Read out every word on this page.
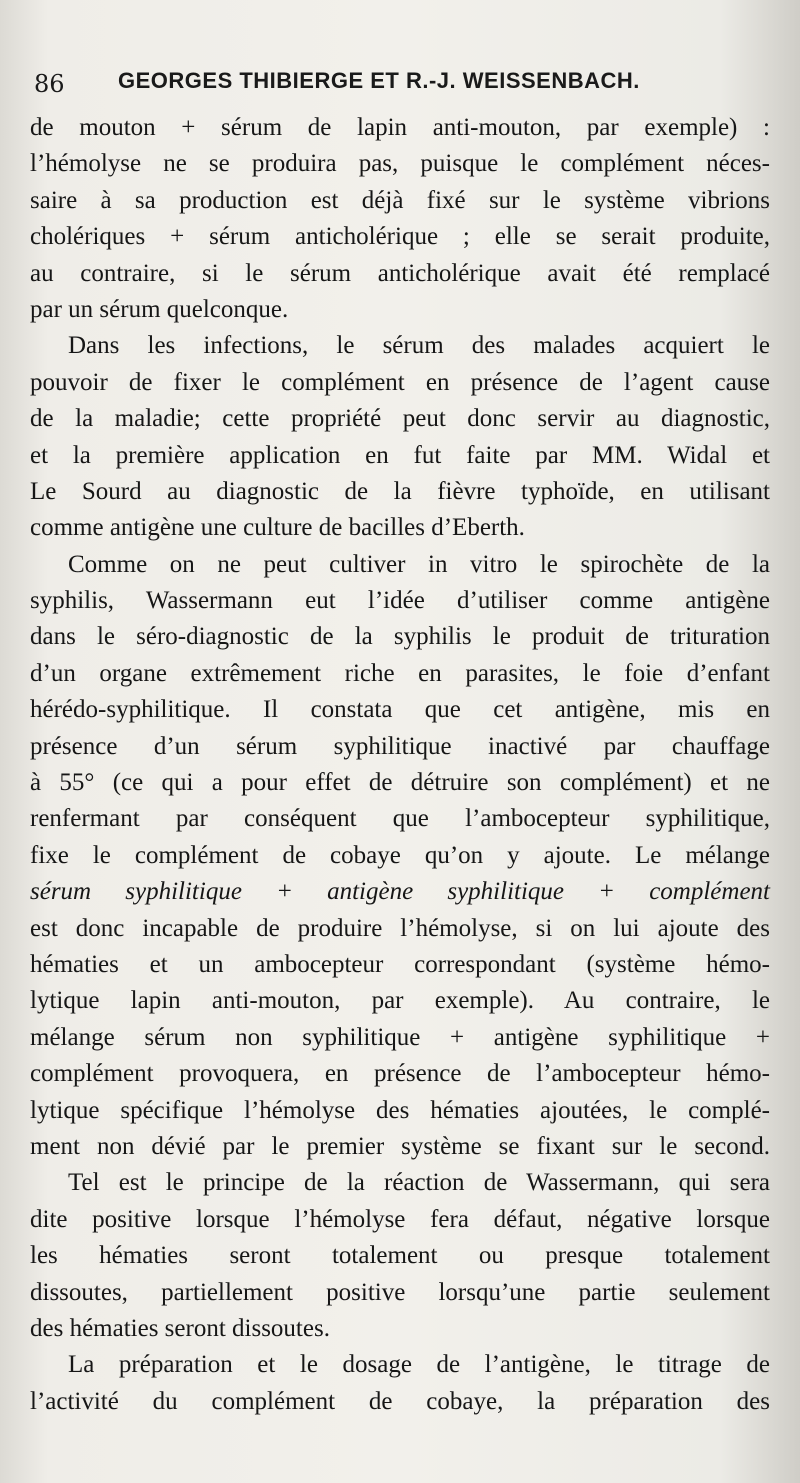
86 GEORGES THIBIERGE ET R.-J. WEISSENBACH.
de mouton + sérum de lapin anti-mouton, par exemple) :
l’hémolyse ne se produira pas, puisque le complément néces-
saire à sa production est déjà fixé sur le système vibrions
cholériques + sérum anticholérique ; elle se serait produite,
au contraire, si le sérum anticholérique avait été remplacé
par un sérum quelconque.
Dans les infections, le sérum des malades acquiert le
pouvoir de fixer le complément en présence de l’agent cause
de la maladie; cette propriété peut donc servir au diagnostic,
et la première application en fut faite par MM. Widal et
Le Sourd au diagnostic de la fièvre typhoïde, en utilisant
comme antigène une culture de bacilles d’Eberth.
Comme on ne peut cultiver in vitro le spirochète de la
syphilis, Wassermann eut l’idée d’utiliser comme antigène
dans le séro-diagnostic de la syphilis le produit de trituration
d’un organe extrêmement riche en parasites, le foie d’enfant
hérédo-syphilitique. Il constata que cet antigène, mis en
présence d’un sérum syphilitique inactivé par chauffage
à 55° (ce qui a pour effet de détruire son complément) et ne
renfermant par conséquent que l’ambocepteur syphilitique,
fixe le complément de cobaye qu’on y ajoute. Le mélange
sérum syphilitique + antigène syphilitique + complément
est donc incapable de produire l’hémolyse, si on lui ajoute des
hématies et un ambocepteur correspondant (système hémo-
lytique lapin anti-mouton, par exemple). Au contraire, le
mélange sérum non syphilitique + antigène syphilitique +
complément provoquera, en présence de l’ambocepteur hémo-
lytique spécifique l’hémolyse des hématies ajoutées, le complé-
ment non dévié par le premier système se fixant sur le second.
Tel est le principe de la réaction de Wassermann, qui sera
dite positive lorsque l’hémolyse fera défaut, négative lorsque
les hématies seront totalement ou presque totalement
dissoutes, partiellement positive lorsqu’une partie seulement
des hématies seront dissoutes.
La préparation et le dosage de l’antigène, le titrage de
l’activité du complément de cobaye, la préparation des
